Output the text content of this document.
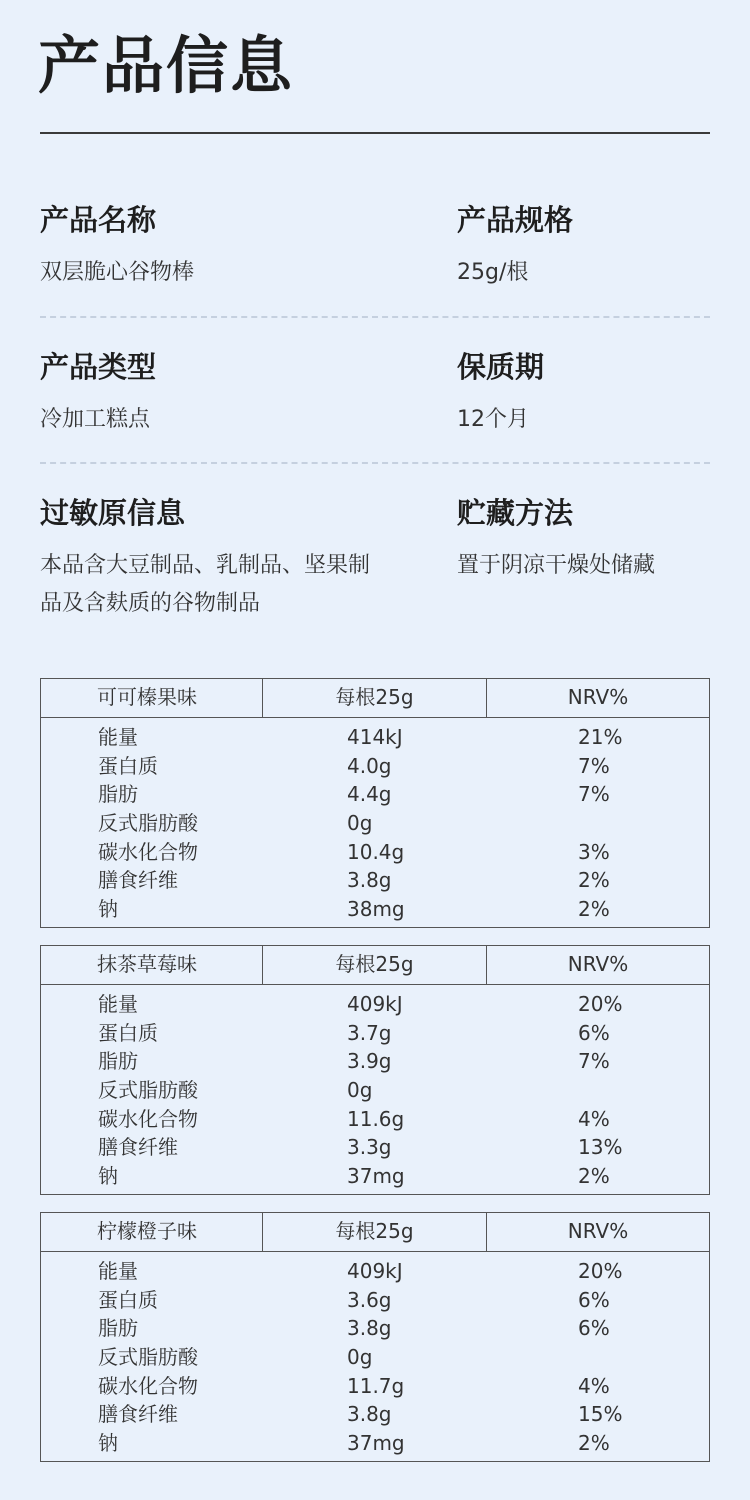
产品信息
产品名称
双层脆心谷物棒
产品规格
25g/根
产品类型
冷加工糕点
保质期
12个月
过敏原信息
本品含大豆制品、乳制品、坚果制品及含麸质的谷物制品
贮藏方法
置于阴凉干燥处储藏
可可榛果味	每根25g	NRV%
能量	414kJ	21%
蛋白质	4.0g	7%
脂肪	4.4g	7%
反式脂肪酸	0g
碳水化合物	10.4g	3%
膳食纤维	3.8g	2%
钠	38mg	2%
抹茶草莓味	每根25g	NRV%
能量	409kJ	20%
蛋白质	3.7g	6%
脂肪	3.9g	7%
反式脂肪酸	0g
碳水化合物	11.6g	4%
膳食纤维	3.3g	13%
钠	37mg	2%
柠檬橙子味	每根25g	NRV%
能量	409kJ	20%
蛋白质	3.6g	6%
脂肪	3.8g	6%
反式脂肪酸	0g
碳水化合物	11.7g	4%
膳食纤维	3.8g	15%
钠	37mg	2%
